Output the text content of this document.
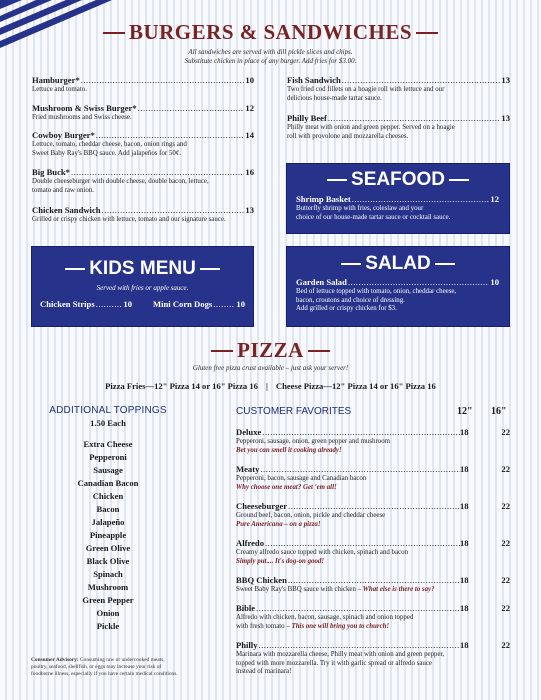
BURGERS & SANDWICHES
All sandwiches are served with dill pickle slices and chips.
Substitute chicken in place of any burger. Add fries for $3.00.
Hamburger* .....	10
Lettuce and tomato.
Mushroom & Swiss Burger* .....	12
Fried mushrooms and Swiss cheese.
Cowboy Burger* .....	14
Lettuce, tomato, cheddar cheese, bacon, onion rings and
Sweet Baby Ray's BBQ sauce. Add jalapeños for 50¢.
Big Buck* .....	16
Double cheeseburger with double cheese, double bacon, lettuce,
tomato and raw onion.
Chicken Sandwich .....	13
Grilled or crispy chicken with lettuce, tomato and our signature sauce.
Fish Sandwich .....	13
Two fried cod fillets on a hoagie roll with lettuce and our
delicious house-made tartar sauce.
Philly Beef .....	13
Philly meat with onion and green pepper. Served on a hoagie
roll with provolone and mozzarella cheeses.
SEAFOOD
Shrimp Basket .....	12
Butterfly shrimp with fries, coleslaw and your
choice of our house-made tartar sauce or cocktail sauce.
KIDS MENU
Served with fries or apple sauce.
Chicken Strips .....	10 Mini Corn Dogs .....	10
SALAD
Garden Salad .....	10
Bed of lettuce topped with tomato, onion, cheddar cheese,
bacon, croutons and choice of dressing.
Add grilled or crispy chicken for $3.
PIZZA
Gluten free pizza crust available – just ask your server!
Pizza Fries—12" Pizza 14 or 16" Pizza 16 | Cheese Pizza—12" Pizza 14 or 16" Pizza 16
ADDITIONAL TOPPINGS
1.50 Each
Extra Cheese
Pepperoni
Sausage
Canadian Bacon
Chicken
Bacon
Jalapeño
Pineapple
Green Olive
Black Olive
Spinach
Mushroom
Green Pepper
Onion
Pickle
Consumer Advisory: Consuming raw or undercooked meats, poultry, seafood, shellfish, or eggs may increase your risk of foodborne illness, especially if you have certain medical conditions.
CUSTOMER FAVORITES	12" 16"
Deluxe .....	18	22
Pepperoni, sausage, onion, green pepper and mushroom
Bet you can smell it cooking already!
Meaty .....	18	22
Pepperoni, bacon, sausage and Canadian bacon
Why choose one meat? Get 'em all!
Cheeseburger .....	18	22
Ground beef, bacon, onion, pickle and cheddar cheese
Pure Americana – on a pizza!
Alfredo .....	18	22
Creamy alfredo sauce topped with chicken, spinach and bacon
Simply put.... It's dog-on good!
BBQ Chicken .....	18	22
Sweet Baby Ray's BBQ sauce with chicken – What else is there to say?
Bible .....	18	22
Alfredo with chicken, bacon, sausage, spinach and onion topped
with fresh tomato – This one will bring you to church!
Philly .....	18	22
Marinara with mozzarella cheese, Philly meat with onion and green pepper,
topped with more mozzarella. Try it with garlic spread or alfredo sauce
instead of marinara!
